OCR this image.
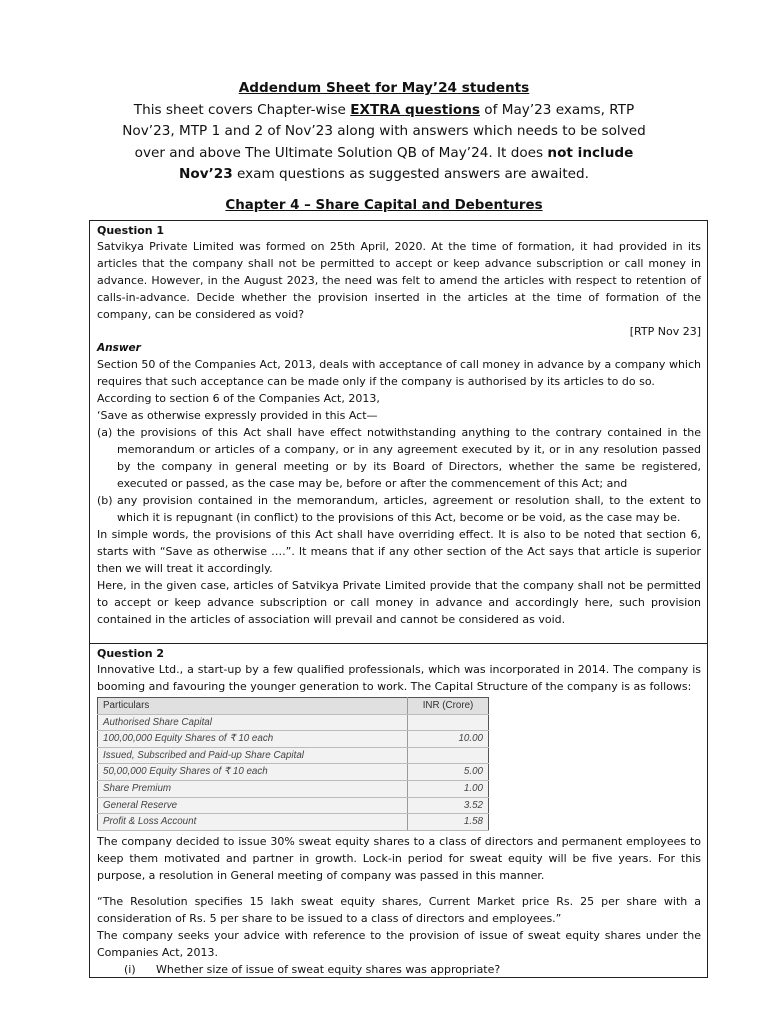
Addendum Sheet for May’24 students
This sheet covers Chapter-wise EXTRA questions of May’23 exams, RTP
Nov’23, MTP 1 and 2 of Nov’23 along with answers which needs to be solved
over and above The Ultimate Solution QB of May’24. It does not include
Nov’23 exam questions as suggested answers are awaited.
Chapter 4 – Share Capital and Debentures
Question 1

Satvikya Private Limited was formed on 25th April, 2020. At the time of formation, it had provided in its articles that the company shall not be permitted to accept or keep advance subscription or call money in advance. However, in the August 2023, the need was felt to amend the articles with respect to retention of calls-in-advance. Decide whether the provision inserted in the articles at the time of formation of the company, can be considered as void?

[RTP Nov 23]
Answer

Section 50 of the Companies Act, 2013, deals with acceptance of call money in advance by a company which requires that such acceptance can be made only if the company is authorised by its articles to do so.

According to section 6 of the Companies Act, 2013,

‘Save as otherwise expressly provided in this Act—

(a) the provisions of this Act shall have effect notwithstanding anything to the contrary contained in the memorandum or articles of a company, or in any agreement executed by it, or in any resolution passed by the company in general meeting or by its Board of Directors, whether the same be registered, executed or passed, as the case may be, before or after the commencement of this Act; and
(b) any provision contained in the memorandum, articles, agreement or resolution shall, to the extent to which it is repugnant (in conflict) to the provisions of this Act, become or be void, as the case may be.

In simple words, the provisions of this Act shall have overriding effect. It is also to be noted that section 6, starts with “Save as otherwise ….”. It means that if any other section of the Act says that article is superior then we will treat it accordingly.

Here, in the given case, articles of Satvikya Private Limited provide that the company shall not be permitted to accept or keep advance subscription or call money in advance and accordingly here, such provision contained in the articles of association will prevail and cannot be considered as void.

Question 2

Innovative Ltd., a start-up by a few qualified professionals, which was incorporated in 2014. The company is booming and favouring the younger generation to work. The Capital Structure of the company is as follows:

Particulars	INR (Crore)
Authorised Share Capital	
100,00,000 Equity Shares of ₹ 10 each	10.00
Issued, Subscribed and Paid-up Share Capital	
50,00,000 Equity Shares of ₹ 10 each	5.00
Share Premium	1.00
General Reserve	3.52
Profit & Loss Account	1.58

The company decided to issue 30% sweat equity shares to a class of directors and permanent employees to keep them motivated and partner in growth. Lock-in period for sweat equity will be five years. For this purpose, a resolution in General meeting of company was passed in this manner.

“The Resolution specifies 15 lakh sweat equity shares, Current Market price Rs. 25 per share with a consideration of Rs. 5 per share to be issued to a class of directors and employees.”

The company seeks your advice with reference to the provision of issue of sweat equity shares under the Companies Act, 2013.

(i)	Whether size of issue of sweat equity shares was appropriate?
